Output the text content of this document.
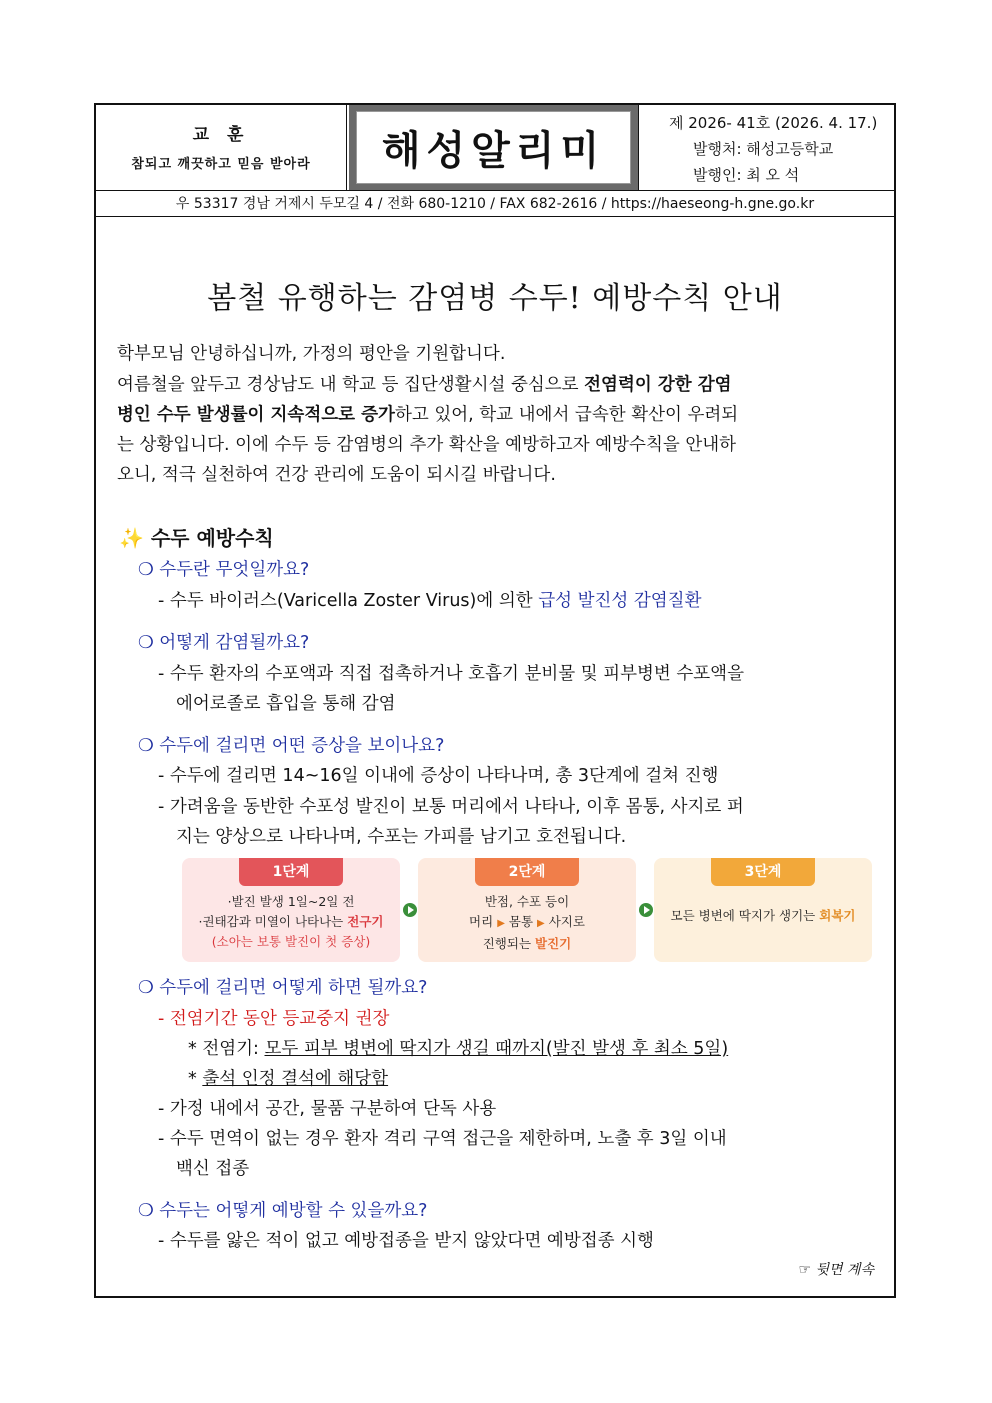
교 훈
참되고 깨끗하고 믿음 받아라	해성알리미
제 2026- 41호 (2026. 4. 17.)
발행처: 해성고등학교
발행인: 최 오 석
우 53317 경남 거제시 두모길 4 / 전화 680-1210 / FAX 682-2616 / https://haeseong-h.gne.go.kr
봄철 유행하는 감염병 수두! 예방수칙 안내
학부모님 안녕하십니까, 가정의 평안을 기원합니다.
여름철을 앞두고 경상남도 내 학교 등 집단생활시설 중심으로 전염력이 강한 감염
병인 수두 발생률이 지속적으로 증가하고 있어, 학교 내에서 급속한 확산이 우려되
는 상황입니다. 이에 수두 등 감염병의 추가 확산을 예방하고자 예방수칙을 안내하
오니, 적극 실천하여 건강 관리에 도움이 되시길 바랍니다.
✨ 수두 예방수칙
❍ 수두란 무엇일까요?
- 수두 바이러스(Varicella Zoster Virus)에 의한 급성 발진성 감염질환
❍ 어떻게 감염될까요?
- 수두 환자의 수포액과 직접 접촉하거나 호흡기 분비물 및 피부병변 수포액을
에어로졸로 흡입을 통해 감염
❍ 수두에 걸리면 어떤 증상을 보이나요?
- 수두에 걸리면 14~16일 이내에 증상이 나타나며, 총 3단계에 걸쳐 진행
- 가려움을 동반한 수포성 발진이 보통 머리에서 나타나, 이후 몸통, 사지로 퍼
지는 양상으로 나타나며, 수포는 가피를 남기고 호전됩니다.
1단계
·발진 발생 1일~2일 전
·권태감과 미열이 나타나는 전구기
(소아는 보통 발진이 첫 증상)
2단계
반점, 수포 등이
머리 ▶ 몸통 ▶ 사지로
진행되는 발진기
3단계
모든 병변에 딱지가 생기는 회복기
❍ 수두에 걸리면 어떻게 하면 될까요?
- 전염기간 동안 등교중지 권장
* 전염기: 모두 피부 병변에 딱지가 생길 때까지(발진 발생 후 최소 5일)
* 출석 인정 결석에 해당함
- 가정 내에서 공간, 물품 구분하여 단독 사용
- 수두 면역이 없는 경우 환자 격리 구역 접근을 제한하며, 노출 후 3일 이내
백신 접종
❍ 수두는 어떻게 예방할 수 있을까요?
- 수두를 앓은 적이 없고 예방접종을 받지 않았다면 예방접종 시행
☞ 뒷면 계속
